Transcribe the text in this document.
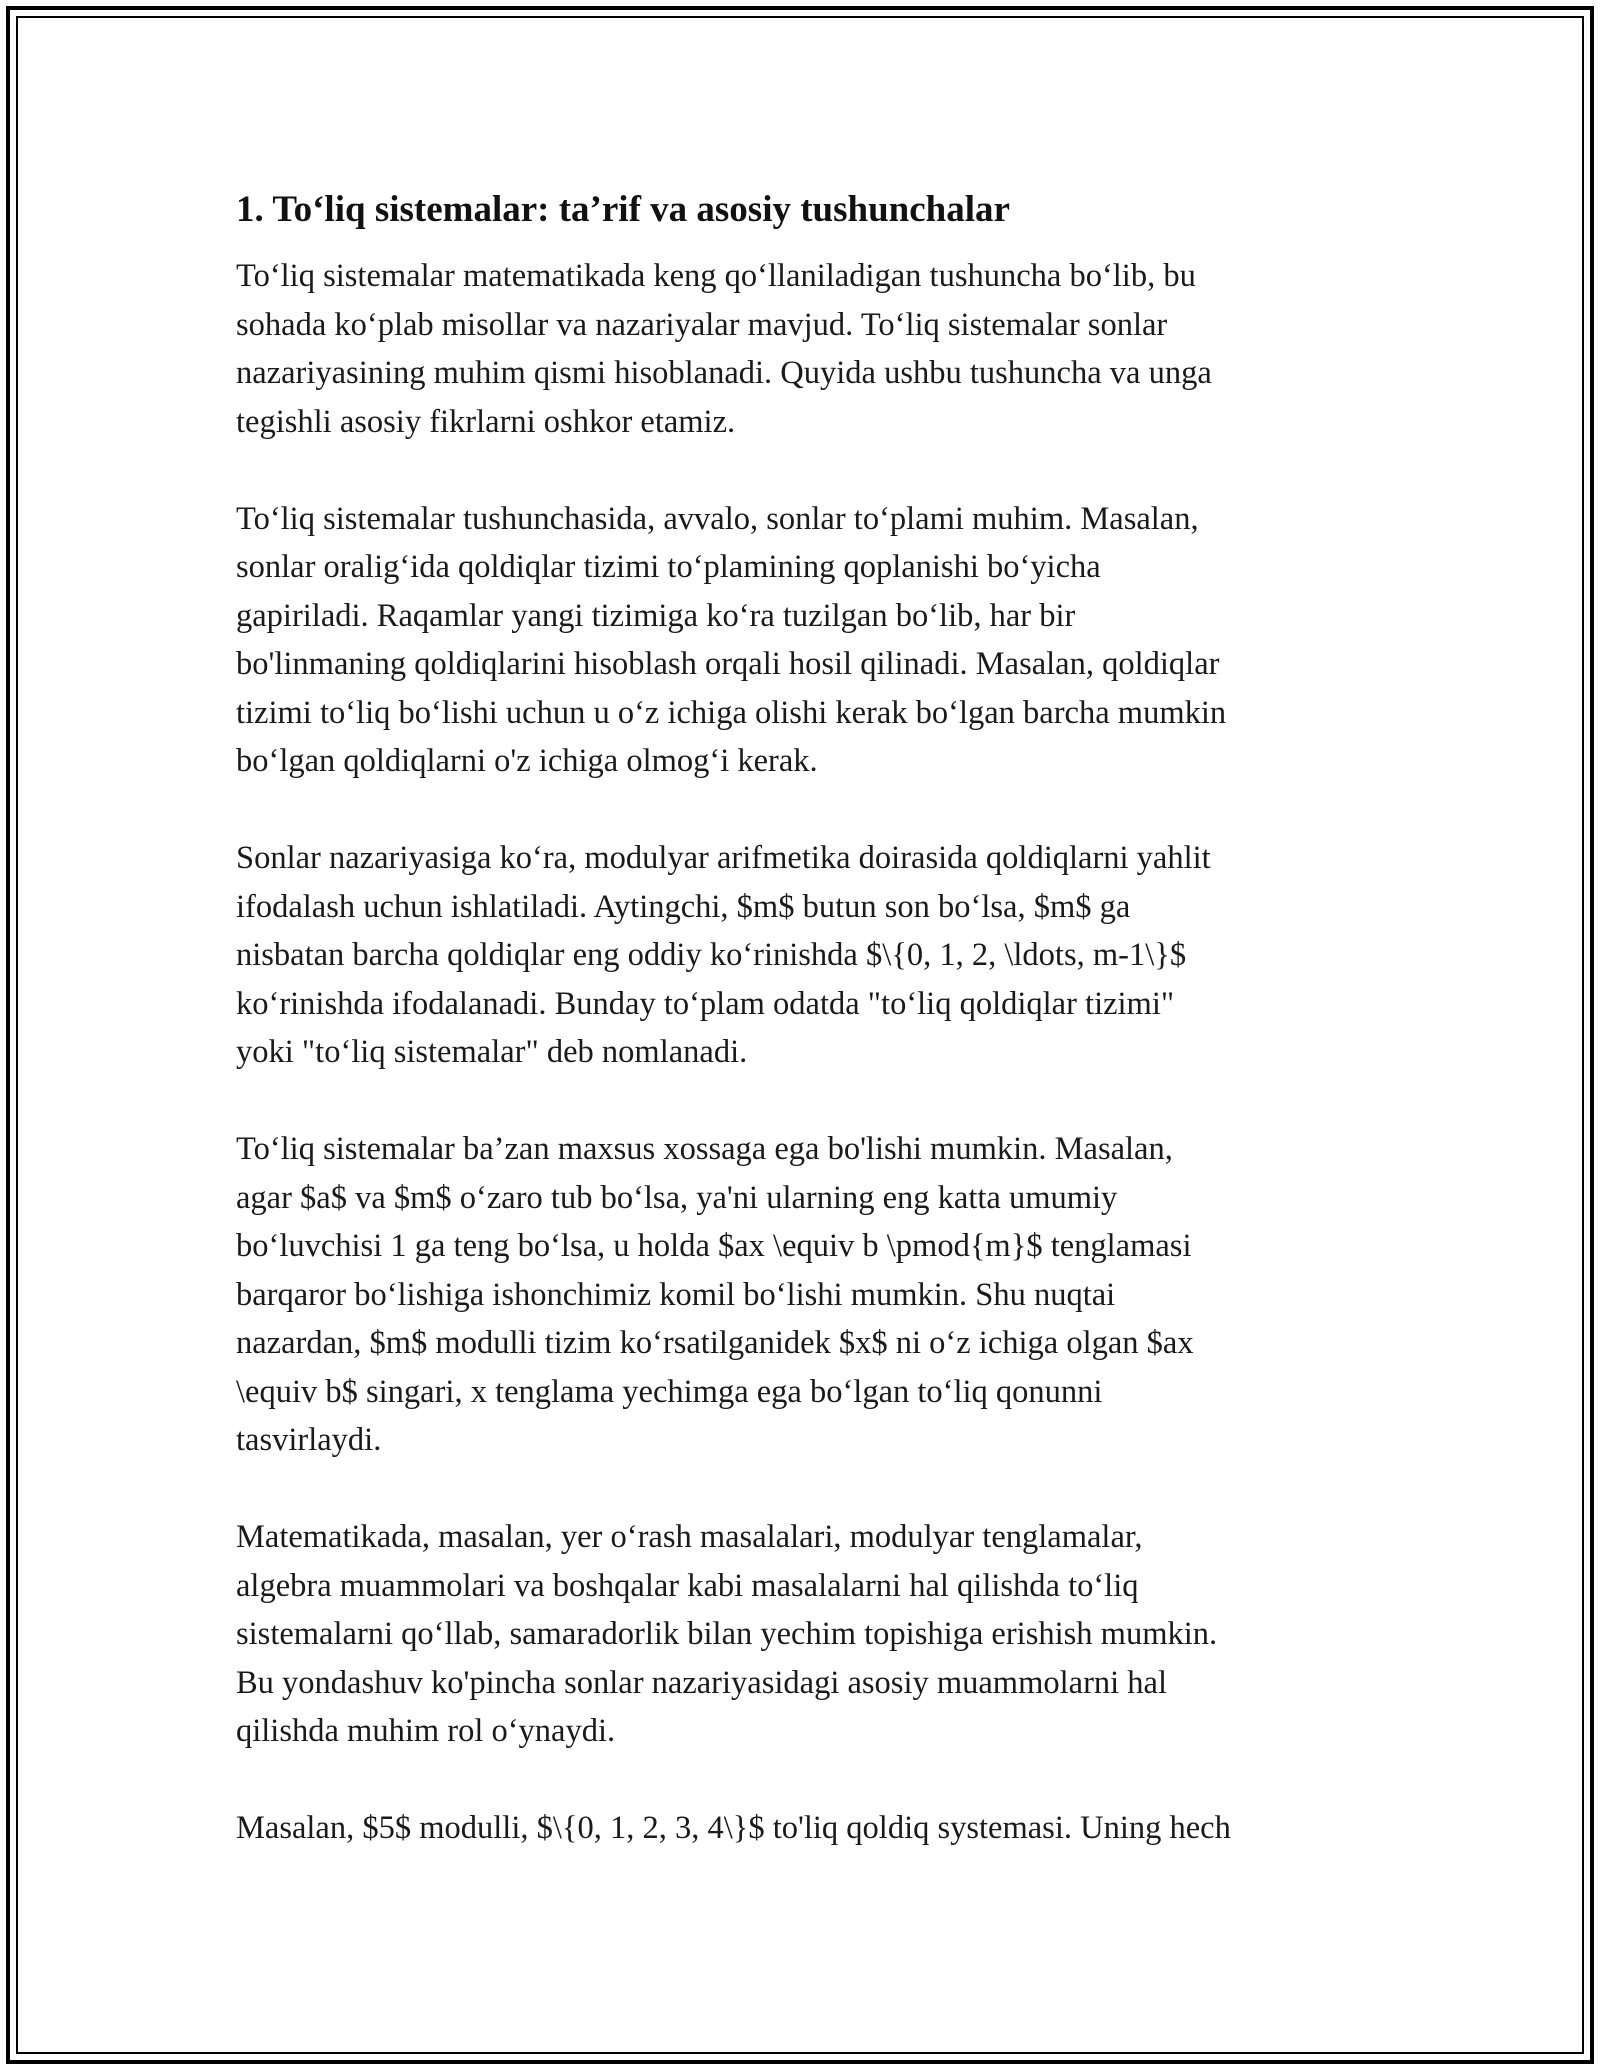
1. To‘liq sistemalar: ta’rif va asosiy tushunchalar

To‘liq sistemalar matematikada keng qo‘llaniladigan tushuncha bo‘lib, bu
sohada ko‘plab misollar va nazariyalar mavjud. To‘liq sistemalar sonlar
nazariyasining muhim qismi hisoblanadi. Quyida ushbu tushuncha va unga
tegishli asosiy fikrlarni oshkor etamiz.

To‘liq sistemalar tushunchasida, avvalo, sonlar to‘plami muhim. Masalan,
sonlar oralig‘ida qoldiqlar tizimi to‘plamining qoplanishi bo‘yicha
gapiriladi. Raqamlar yangi tizimiga ko‘ra tuzilgan bo‘lib, har bir
bo'linmaning qoldiqlarini hisoblash orqali hosil qilinadi. Masalan, qoldiqlar
tizimi to‘liq bo‘lishi uchun u o‘z ichiga olishi kerak bo‘lgan barcha mumkin
bo‘lgan qoldiqlarni o'z ichiga olmog‘i kerak.

Sonlar nazariyasiga ko‘ra, modulyar arifmetika doirasida qoldiqlarni yahlit
ifodalash uchun ishlatiladi. Aytingchi, $m$ butun son bo‘lsa, $m$ ga
nisbatan barcha qoldiqlar eng oddiy ko‘rinishda $\{0, 1, 2, \ldots, m-1\}$
ko‘rinishda ifodalanadi. Bunday to‘plam odatda "to‘liq qoldiqlar tizimi"
yoki "to‘liq sistemalar" deb nomlanadi.

To‘liq sistemalar ba’zan maxsus xossaga ega bo'lishi mumkin. Masalan,
agar $a$ va $m$ o‘zaro tub bo‘lsa, ya'ni ularning eng katta umumiy
bo‘luvchisi 1 ga teng bo‘lsa, u holda $ax \equiv b \pmod{m}$ tenglamasi
barqaror bo‘lishiga ishonchimiz komil bo‘lishi mumkin. Shu nuqtai
nazardan, $m$ modulli tizim ko‘rsatilganidek $x$ ni o‘z ichiga olgan $ax
\equiv b$ singari, x tenglama yechimga ega bo‘lgan to‘liq qonunni
tasvirlaydi.

Matematikada, masalan, yer o‘rash masalalari, modulyar tenglamalar,
algebra muammolari va boshqalar kabi masalalarni hal qilishda to‘liq
sistemalarni qo‘llab, samaradorlik bilan yechim topishiga erishish mumkin.
Bu yondashuv ko'pincha sonlar nazariyasidagi asosiy muammolarni hal
qilishda muhim rol o‘ynaydi.

Masalan, $5$ modulli, $\{0, 1, 2, 3, 4\}$ to'liq qoldiq systemasi. Uning hech
